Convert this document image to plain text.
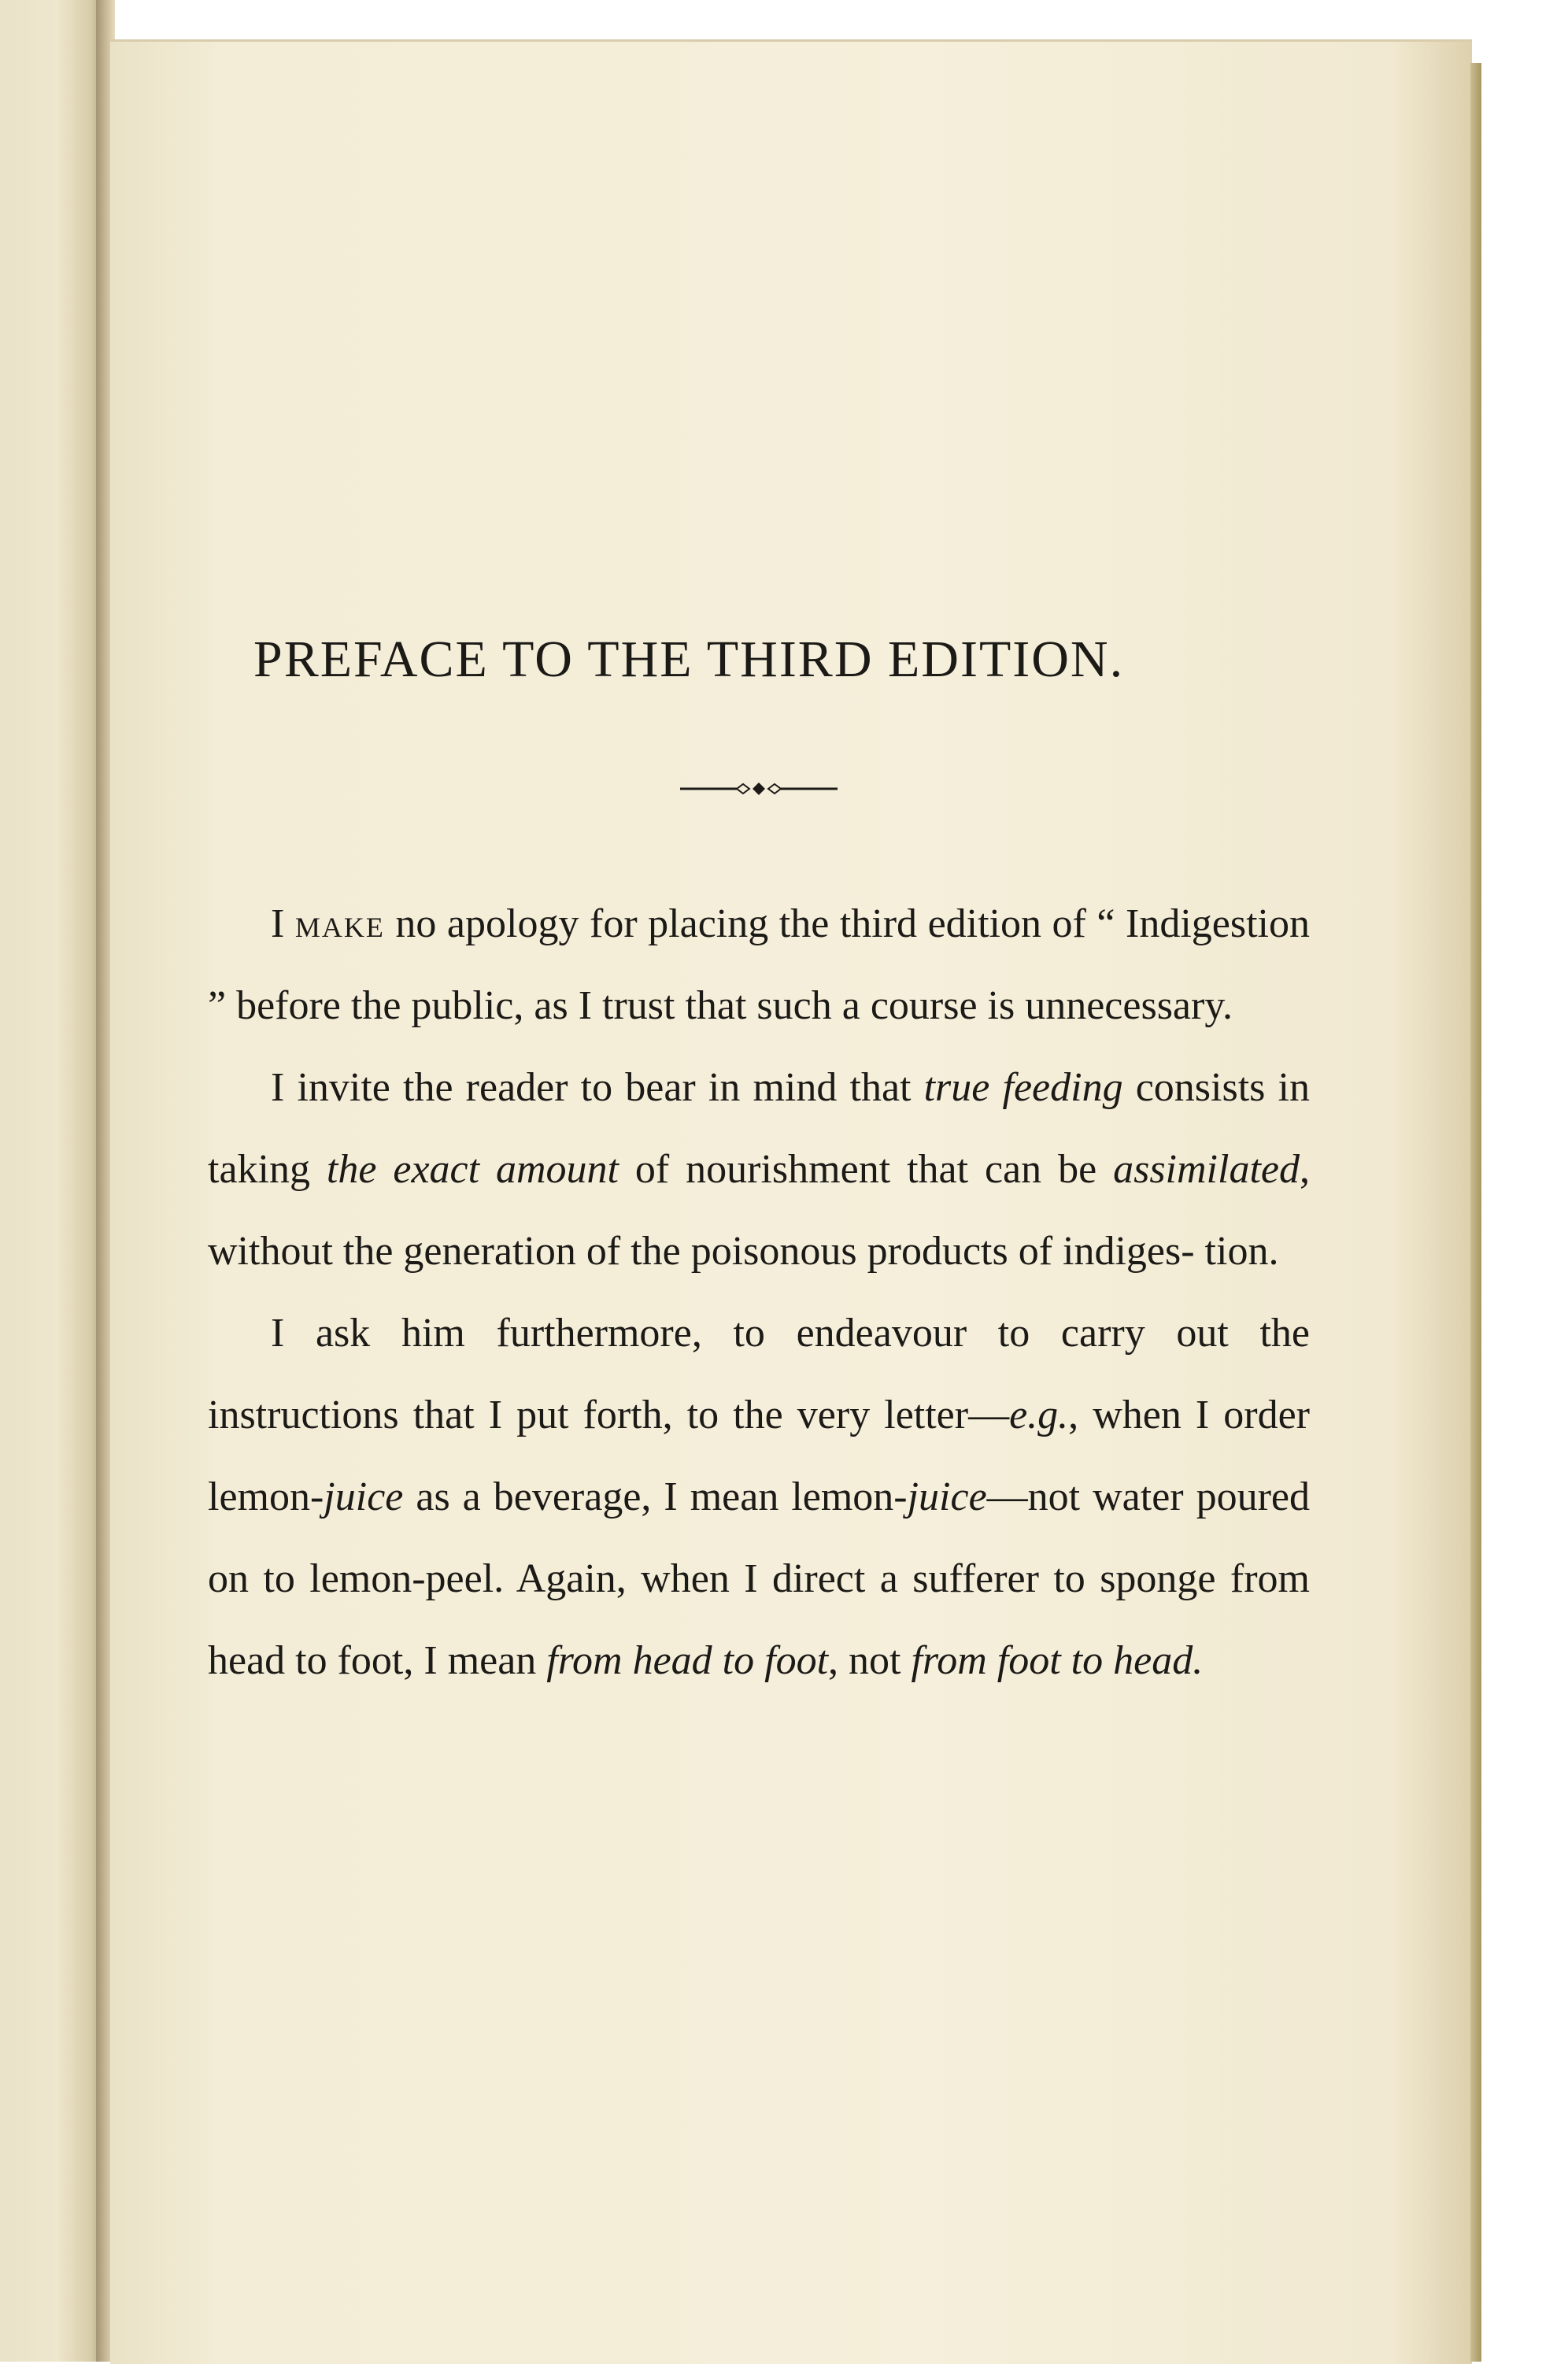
PREFACE TO THE THIRD EDITION.

I make no apology for placing the third edition of “ Indigestion ” before the public, as I trust that such a course is unnecessary.

I invite the reader to bear in mind that true feeding consists in taking the exact amount of nourishment that can be assimilated, without the generation of the poisonous products of indiges- tion.

I ask him furthermore, to endeavour to carry out the instructions that I put forth, to the very letter—e.g., when I order lemon-juice as a beverage, I mean lemon-juice—not water poured on to lemon-peel. Again, when I direct a sufferer to sponge from head to foot, I mean from head to foot, not from foot to head.
